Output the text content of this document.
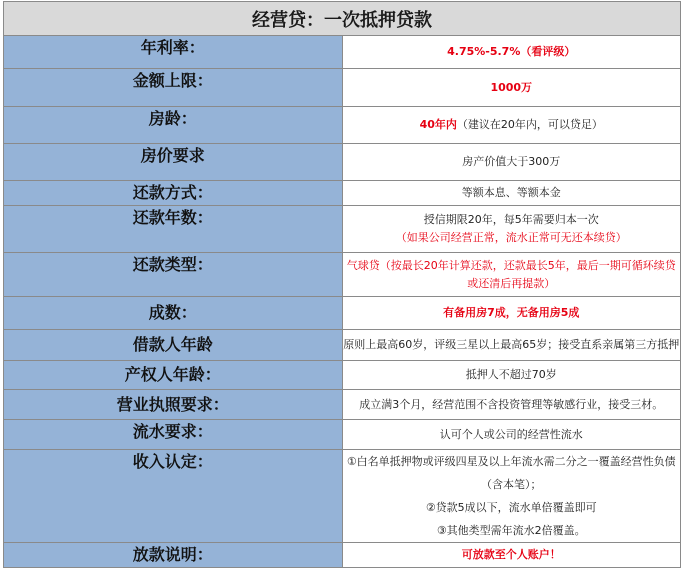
经营贷：一次抵押贷款	
年利率：	4.75%-5.7%（看评级）
金额上限：	1000万
房龄：	40年内（建议在20年内，可以贷足）
房价要求	房产价值大于300万
还款方式：	等额本息、等额本金
还款年数：	授信期限20年，每5年需要归本一次
（如果公司经营正常，流水正常可无还本续贷）

还款类型：	气球贷（按最长20年计算还款，还款最长5年，最后一期可循环续贷或还清后再提款）
成数：	有备用房7成，无备用房5成
借款人年龄	原则上最高60岁，评级三星以上最高65岁；接受直系亲属第三方抵押
产权人年龄：	抵押人不超过70岁
营业执照要求：	成立满3个月，经营范围不含投资管理等敏感行业，接受三材。
流水要求：	认可个人或公司的经营性流水
收入认定：	①白名单抵押物或评级四星及以上年流水需二分之一覆盖经营性负债（含本笔）；
②贷款5成以下，流水单倍覆盖即可
③其他类型需年流水2倍覆盖。

放款说明：	可放款至个人账户！
